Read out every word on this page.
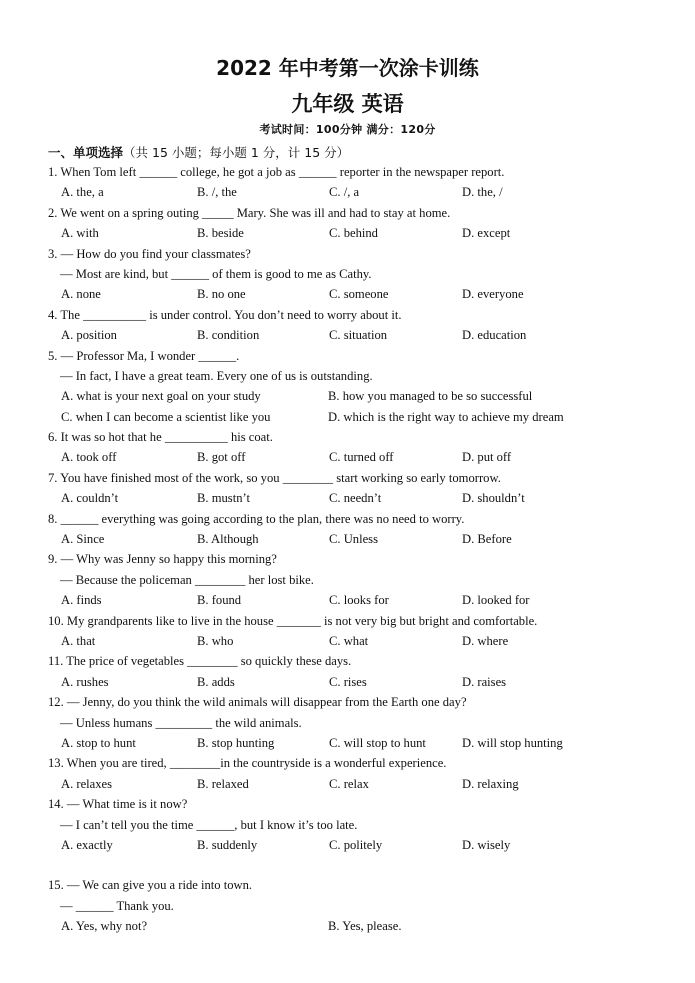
2022 年中考第一次涂卡训练
九年级 英语
考试时间：100分钟 满分：120分
一、单项选择（共 15 小题；每小题 1 分，计 15 分）
1. When Tom left ______ college, he got a job as ______ reporter in the newspaper report.
A. the, a	B. /, the	C. /, a	D. the, /
2. We went on a spring outing _____ Mary. She was ill and had to stay at home.
A. with	B. beside	C. behind	D. except
3. — How do you find your classmates?
— Most are kind, but ______ of them is good to me as Cathy.
A. none	B. no one	C. someone	D. everyone
4. The __________ is under control. You don’t need to worry about it.
A. position	B. condition	C. situation	D. education
5. — Professor Ma, I wonder ______.
— In fact, I have a great team. Every one of us is outstanding.
A. what is your next goal on your study	B. how you managed to be so successful
C. when I can become a scientist like you	D. which is the right way to achieve my dream
6. It was so hot that he __________ his coat.
A. took off	B. got off	C. turned off	D. put off
7. You have finished most of the work, so you ________ start working so early tomorrow.
A. couldn’t	B. mustn’t	C. needn’t	D. shouldn’t
8. ______ everything was going according to the plan, there was no need to worry.
A. Since	B. Although	C. Unless	D. Before
9. — Why was Jenny so happy this morning?
— Because the policeman ________ her lost bike.
A. finds	B. found	C. looks for	D. looked for
10. My grandparents like to live in the house _______ is not very big but bright and comfortable.
A. that	B. who	C. what	D. where
11. The price of vegetables ________ so quickly these days.
A. rushes	B. adds	C. rises	D. raises
12. — Jenny, do you think the wild animals will disappear from the Earth one day?
— Unless humans _________ the wild animals.
A. stop to hunt	B. stop hunting	C. will stop to hunt	D. will stop hunting
13. When you are tired, ________in the countryside is a wonderful experience.
A. relaxes	B. relaxed	C. relax	D. relaxing
14. — What time is it now?
— I can’t tell you the time ______, but I know it’s too late.
A. exactly	B. suddenly	C. politely	D. wisely
15. — We can give you a ride into town.
— ______ Thank you.
A. Yes, why not?	B. Yes, please.
